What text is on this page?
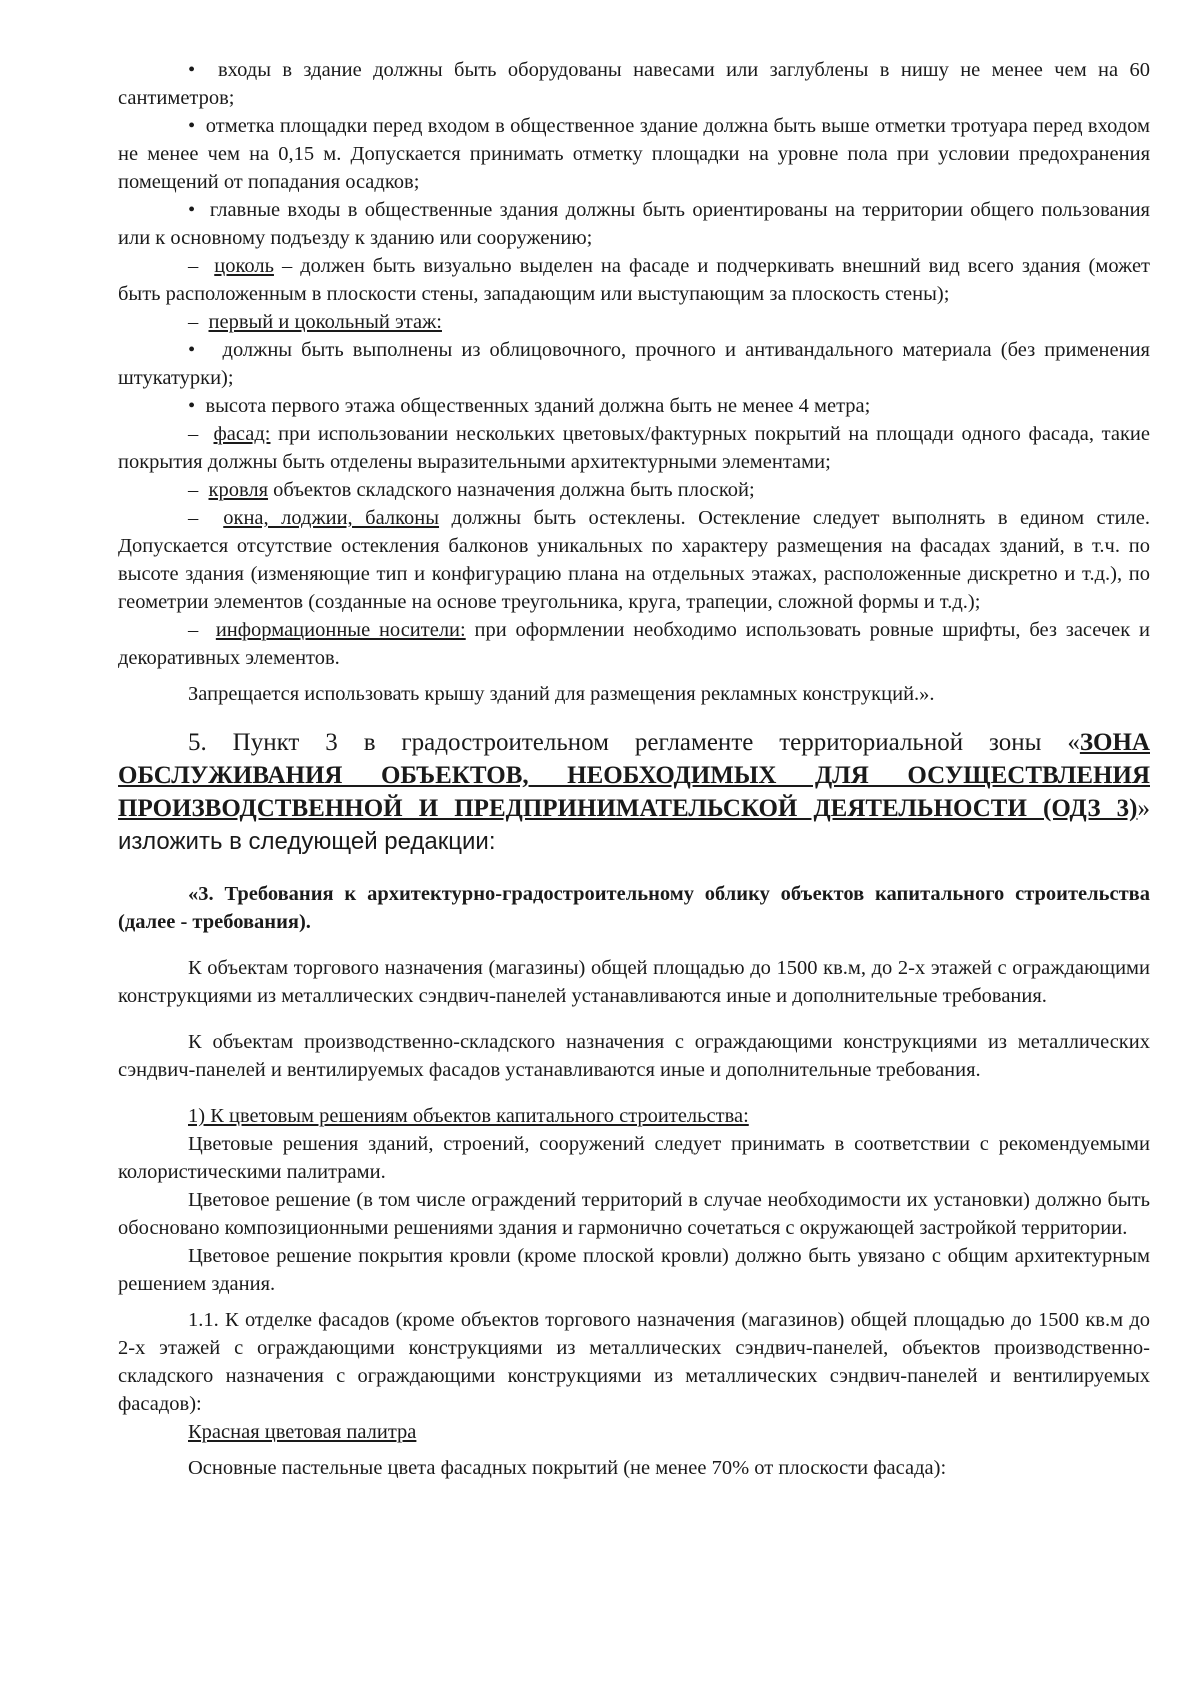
•  входы в здание должны быть оборудованы навесами или заглублены в нишу не менее чем на 60 сантиметров;

•  отметка площадки перед входом в общественное здание должна быть выше отметки тротуара перед входом не менее чем на 0,15 м. Допускается принимать отметку площадки на уровне пола при условии предохранения помещений от попадания осадков;

•  главные входы в общественные здания должны быть ориентированы на территории общего пользования или к основному подъезду к зданию или сооружению;

–  цоколь – должен быть визуально выделен на фасаде и подчеркивать внешний вид всего здания (может быть расположенным в плоскости стены, западающим или выступающим за плоскость стены);

–  первый и цокольный этаж:

•   должны быть выполнены из облицовочного, прочного и антивандального материала (без применения штукатурки);

•  высота первого этажа общественных зданий должна быть не менее 4 метра;

–  фасад: при использовании нескольких цветовых/фактурных покрытий на площади одного фасада, такие покрытия должны быть отделены выразительными архитектурными элементами;

–  кровля объектов складского назначения должна быть плоской;

–  окна, лоджии, балконы должны быть остеклены. Остекление следует выполнять в едином стиле. Допускается отсутствие остекления балконов уникальных по характеру размещения на фасадах зданий, в т.ч. по высоте здания (изменяющие тип и конфигурацию плана на отдельных этажах, расположенные дискретно и т.д.), по геометрии элементов (созданные на основе треугольника, круга, трапеции, сложной формы и т.д.);

–  информационные носители: при оформлении необходимо использовать ровные шрифты, без засечек и декоративных элементов.

Запрещается использовать крышу зданий для размещения рекламных конструкций.».

5. Пункт 3 в градостроительном регламенте территориальной зоны «ЗОНА ОБСЛУЖИВАНИЯ ОБЪЕКТОВ, НЕОБХОДИМЫХ ДЛЯ ОСУЩЕСТВЛЕНИЯ ПРОИЗВОДСТВЕННОЙ И ПРЕДПРИНИМАТЕЛЬСКОЙ ДЕЯТЕЛЬНОСТИ (ОДЗ 3)» изложить в следующей редакции:

«3. Требования к архитектурно-градостроительному облику объектов капитального строительства (далее - требования).

К объектам торгового назначения (магазины) общей площадью до 1500 кв.м, до 2-х этажей с ограждающими конструкциями из металлических сэндвич-панелей устанавливаются иные и дополнительные требования.

К объектам производственно-складского назначения с ограждающими конструкциями из металлических сэндвич-панелей и вентилируемых фасадов устанавливаются иные и дополнительные требования.

1) К цветовым решениям объектов капитального строительства:

Цветовые решения зданий, строений, сооружений следует принимать в соответствии с рекомендуемыми колористическими палитрами.

Цветовое решение (в том числе ограждений территорий в случае необходимости их установки) должно быть обосновано композиционными решениями здания и гармонично сочетаться с окружающей застройкой территории.

Цветовое решение покрытия кровли (кроме плоской кровли) должно быть увязано с общим архитектурным решением здания.

1.1. К отделке фасадов (кроме объектов торгового назначения (магазинов) общей площадью до 1500 кв.м до 2-х этажей с ограждающими конструкциями из металлических сэндвич-панелей, объектов производственно-складского назначения с ограждающими конструкциями из металлических сэндвич-панелей и вентилируемых фасадов):

Красная цветовая палитра

Основные пастельные цвета фасадных покрытий (не менее 70% от плоскости фасада):
